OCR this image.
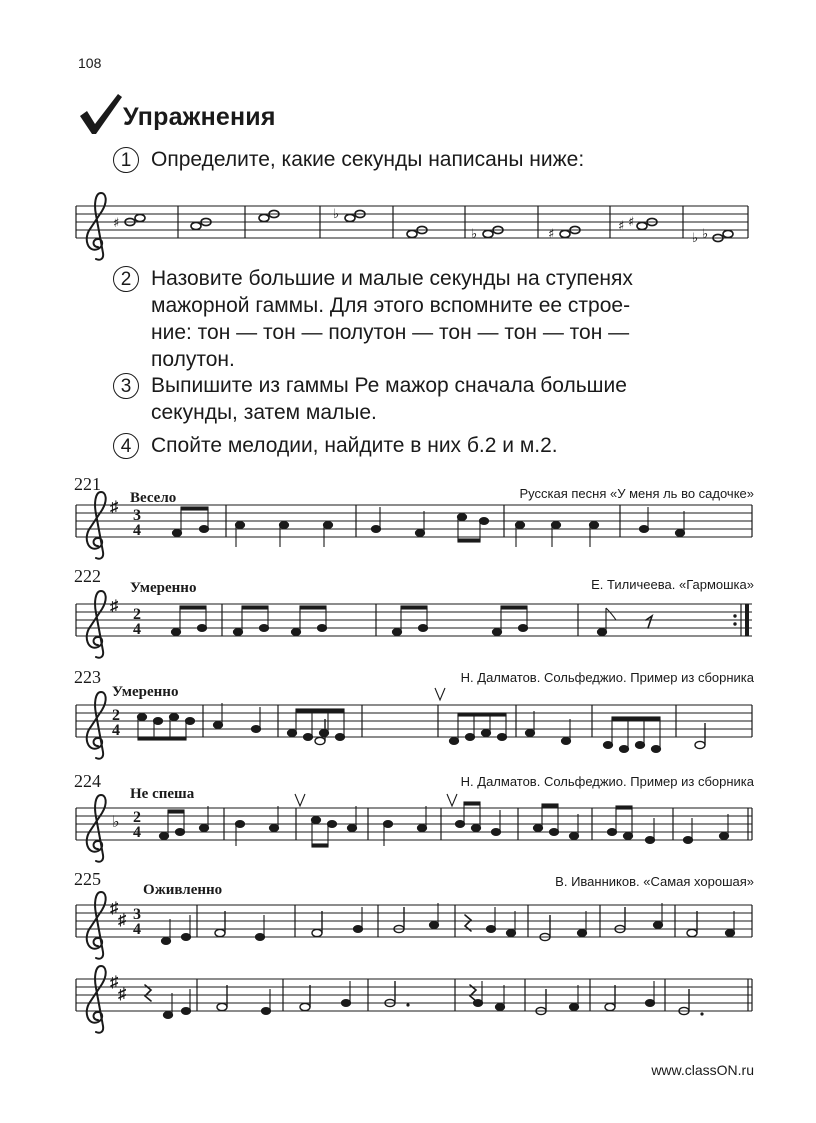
108
Упражнения
1 Определите, какие секунды написаны ниже:
2 Назовите большие и малые секунды на ступенях
мажорной гаммы. Для этого вспомните ее строе-
ние: тон — тон — полутон — тон — тон — тон —
полутон.
3 Выпишите из гаммы Ре мажор сначала большие
секунды, затем малые.
4 Спойте мелодии, найдите в них б.2 и м.2.
221
Весело	Русская песня «У меня ль во садочке»
222
Умеренно	Е. Тиличеева. «Гармошка»
223
Умеренно
Н. Далматов. Сольфеджио. Пример из сборника
224
Не спеша
Н. Далматов. Сольфеджио. Пример из сборника
225
Оживленно
В. Иванников. «Самая хорошая»
♯ 3
4
♯ 2
4
2
4
♭ 2
4
♯
♯ 3
4
♯
♯
♯
♭
♭	♯
♯ ♯
♭ ♭
www.classON.ru
